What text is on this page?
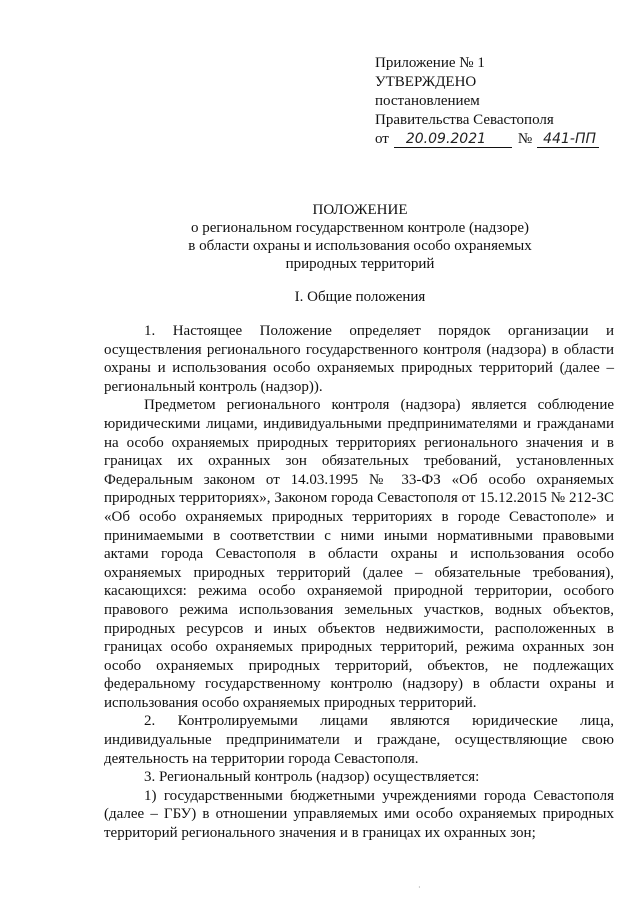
Приложение № 1
УТВЕРЖДЕНО
постановлением
Правительства Севастополя
от	20.09.2021	№ 441-ПП
ПОЛОЖЕНИЕ
о региональном государственном контроле (надзоре)
в области охраны и использования особо охраняемых
природных территорий
I. Общие положения

1. Настоящее Положение определяет порядок организации и осуществления регионального государственного контроля (надзора) в области охраны и использования особо охраняемых природных территорий (далее – региональный контроль (надзор)).

Предметом регионального контроля (надзора) является соблюдение юридическими лицами, индивидуальными предпринимателями и гражданами на особо охраняемых природных территориях регионального значения и в границах их охранных зон обязательных требований, установленных Федеральным законом от 14.03.1995 № 33-ФЗ «Об особо охраняемых природных территориях», Законом города Севастополя от 15.12.2015 № 212-ЗС «Об особо охраняемых природных территориях в городе Севастополе» и принимаемыми в соответствии с ними иными нормативными правовыми актами города Севастополя в области охраны и использования особо охраняемых природных территорий (далее – обязательные требования), касающихся: режима особо охраняемой природной территории, особого правового режима использования земельных участков, водных объектов, природных ресурсов и иных объектов недвижимости, расположенных в границах особо охраняемых природных территорий, режима охранных зон особо охраняемых природных территорий, объектов, не подлежащих федеральному государственному контролю (надзору) в области охраны и использования особо охраняемых природных территорий.

2. Контролируемыми лицами являются юридические лица, индивидуальные предприниматели и граждане, осуществляющие свою деятельность на территории города Севастополя.

3. Региональный контроль (надзор) осуществляется:

1) государственными бюджетными учреждениями города Севастополя (далее – ГБУ) в отношении управляемых ими особо охраняемых природных территорий регионального значения и в границах их охранных зон;

·
